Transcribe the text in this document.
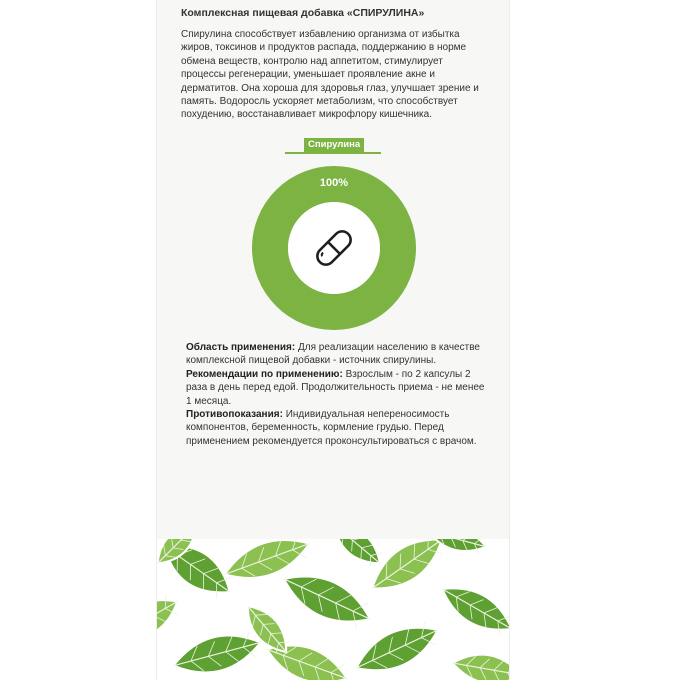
Комплексная пищевая добавка «СПИРУЛИНА»
Спирулина способствует избавлению организма от избытка жиров, токсинов и продуктов распада, поддержанию в норме обмена веществ, контролю над аппетитом, стимулирует процессы регенерации, уменьшает проявление акне и дерматитов. Она хороша для здоровья глаз, улучшает зрение и память. Водоросль ускоряет метаболизм, что способствует похудению, восстанавливает микрофлору кишечника.
Спирулина
100%

Область применения: Для реализации населению в качестве комплексной пищевой добавки - источник спирулины.

Рекомендации по применению: Взрослым - по 2 капсулы 2 раза в день перед едой. Продолжительность приема - не менее 1 месяца.

Противопоказания: Индивидуальная непереносимость компонентов, беременность, кормление грудью. Перед применением рекомендуется проконсультироваться с врачом.
